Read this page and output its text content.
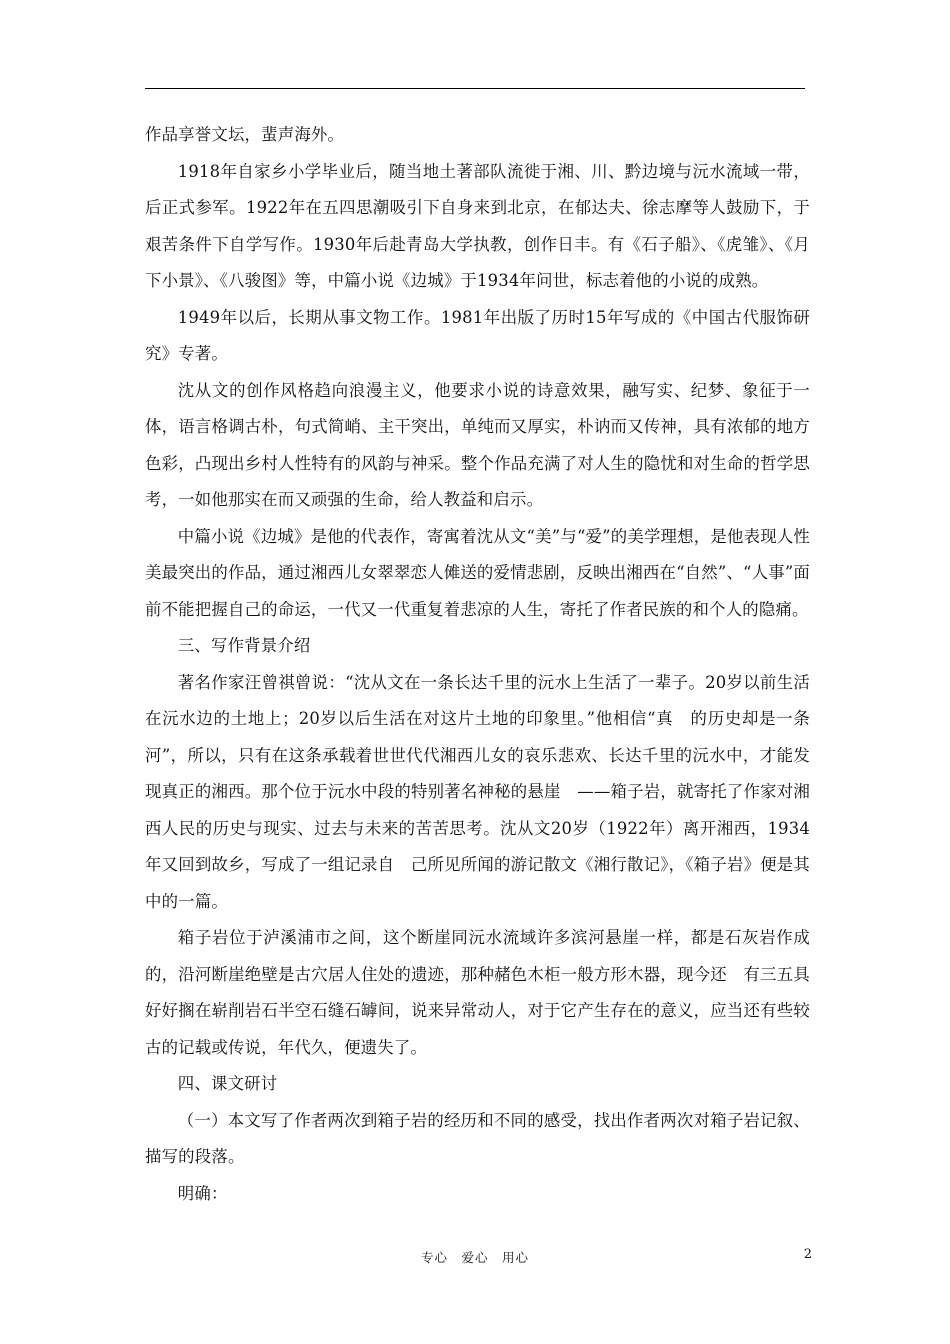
作品享誉文坛，蜚声海外。

1918年自家乡小学毕业后，随当地土著部队流徙于湘、川、黔边境与沅水流域一带，后正式参军。1922年在五四思潮吸引下自身来到北京，在郁达夫、徐志摩等人鼓励下，于艰苦条件下自学写作。1930年后赴青岛大学执教，创作日丰。有《石子船》、《虎雏》、《月下小景》、《八骏图》等，中篇小说《边城》于1934年问世，标志着他的小说的成熟。

1949年以后，长期从事文物工作。1981年出版了历时15年写成的《中国古代服饰研究》专著。

沈从文的创作风格趋向浪漫主义，他要求小说的诗意效果，融写实、纪梦、象征于一体，语言格调古朴，句式简峭、主干突出，单纯而又厚实，朴讷而又传神，具有浓郁的地方色彩，凸现出乡村人性特有的风韵与神采。整个作品充满了对人生的隐忧和对生命的哲学思考，一如他那实在而又顽强的生命，给人教益和启示。

中篇小说《边城》是他的代表作，寄寓着沈从文“美”与“爱”的美学理想，是他表现人性美最突出的作品，通过湘西儿女翠翠恋人傩送的爱情悲剧，反映出湘西在“自然”、“人事”面前不能把握自己的命运，一代又一代重复着悲凉的人生，寄托了作者民族的和个人的隐痛。

三、写作背景介绍

著名作家汪曾祺曾说：“沈从文在一条长达千里的沅水上生活了一辈子。20岁以前生活在沅水边的土地上；20岁以后生活在对这片土地的印象里。”他相信“真　的历史却是一条河”，所以，只有在这条承载着世世代代湘西儿女的哀乐悲欢、长达千里的沅水中，才能发现真正的湘西。那个位于沅水中段的特别著名神秘的悬崖　——箱子岩，就寄托了作家对湘西人民的历史与现实、过去与未来的苦苦思考。沈从文20岁（1922年）离开湘西，1934年又回到故乡，写成了一组记录自　己所见所闻的游记散文《湘行散记》，《箱子岩》便是其中的一篇。

箱子岩位于泸溪浦市之间，这个断崖同沅水流域许多滨河悬崖一样，都是石灰岩作成的，沿河断崖绝壁是古穴居人住处的遗迹，那种赭色木柜一般方形木器，现今还　有三五具好好搁在崭削岩石半空石缝石罅间，说来异常动人，对于它产生存在的意义，应当还有些较古的记载或传说，年代久，便遗失了。

四、课文研讨

（一）本文写了作者两次到箱子岩的经历和不同的感受，找出作者两次对箱子岩记叙、描写的段落。

明确：

专心　爱心　用心	2
